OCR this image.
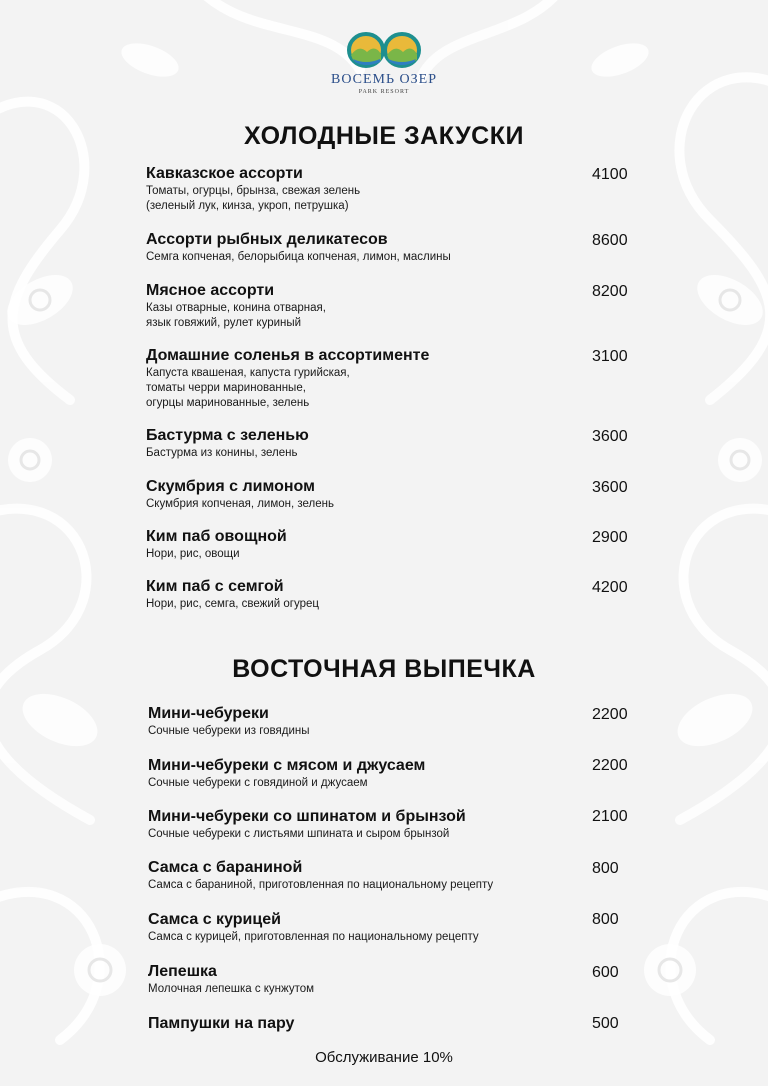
ВОСЕМЬ ОЗЕР
PARK RESORT
ХОЛОДНЫЕ ЗАКУСКИ
Кавказское ассорти
Томаты, огурцы, брынза, свежая зелень
(зеленый лук, кинза, укроп, петрушка)
4100
Ассорти рыбных деликатесов
Семга копченая, белорыбица копченая, лимон, маслины
8600
Мясное ассорти
Казы отварные, конина отварная,
язык говяжий, рулет куриный
8200
Домашние соленья в ассортименте
Капуста квашеная, капуста гурийская,
томаты черри маринованные,
огурцы маринованные, зелень
3100
Бастурма с зеленью
Бастурма из конины, зелень
3600
Скумбрия с лимоном
Скумбрия копченая, лимон, зелень
3600
Ким паб овощной
Нори, рис, овощи
2900
Ким паб с семгой
Нори, рис, семга, свежий огурец
4200
ВОСТОЧНАЯ ВЫПЕЧКА
Мини-чебуреки
Сочные чебуреки из говядины
2200
Мини-чебуреки с мясом и джусаем
Сочные чебуреки с говядиной и джусаем
2200
Мини-чебуреки со шпинатом и брынзой
Сочные чебуреки с листьями шпината и сыром брынзой
2100
Самса с бараниной
Самса с бараниной, приготовленная по национальному рецепту
800
Самса с курицей
Самса с курицей, приготовленная по национальному рецепту
800
Лепешка
Молочная лепешка с кунжутом
600
Пампушки на пару	500
Обслуживание 10%
